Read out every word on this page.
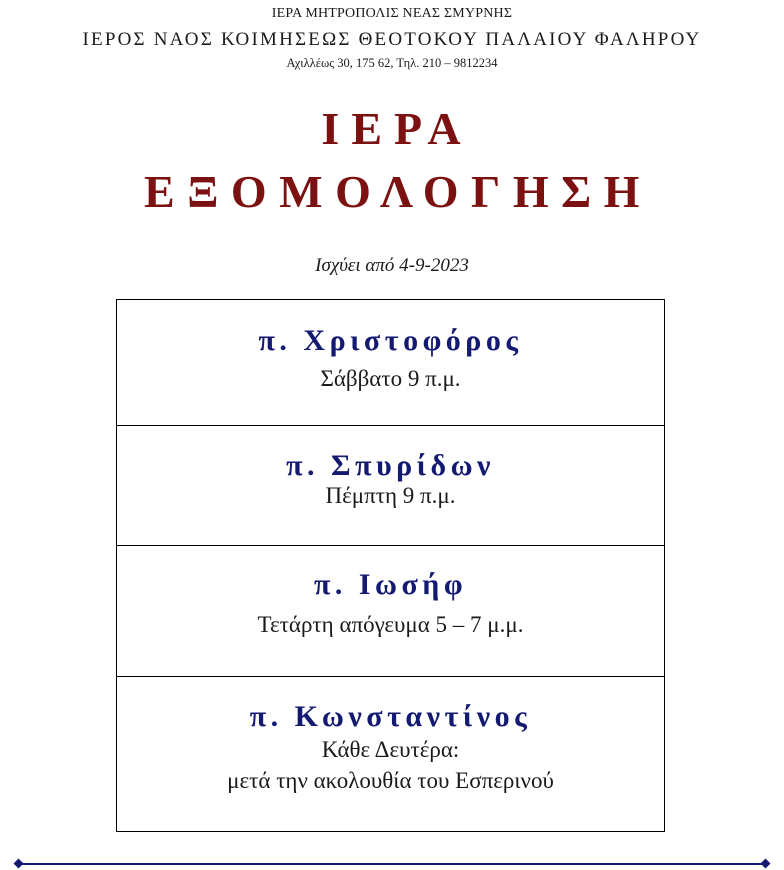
ΙΕΡΑ ΜΗΤΡΟΠΟΛΙΣ ΝΕΑΣ ΣΜΥΡΝΗΣ
ΙΕΡΟΣ ΝΑΟΣ ΚΟΙΜΗΣΕΩΣ ΘΕΟΤΟΚΟΥ ΠΑΛΑΙΟΥ ΦΑΛΗΡΟΥ
Αχιλλέως 30, 175 62, Τηλ. 210 – 9812234
ΙΕΡΑ
ΕΞΟΜΟΛΟΓΗΣΗ
Ισχύει από 4-9-2023
π. Χριστοφόρος
Σάββατο 9 π.μ.
π. Σπυρίδων
Πέμπτη 9 π.μ.
π. Ιωσήφ
Τετάρτη απόγευμα 5 – 7 μ.μ.
π. Κωνσταντίνος
Κάθε Δευτέρα:
μετά την ακολουθία του Εσπερινού
